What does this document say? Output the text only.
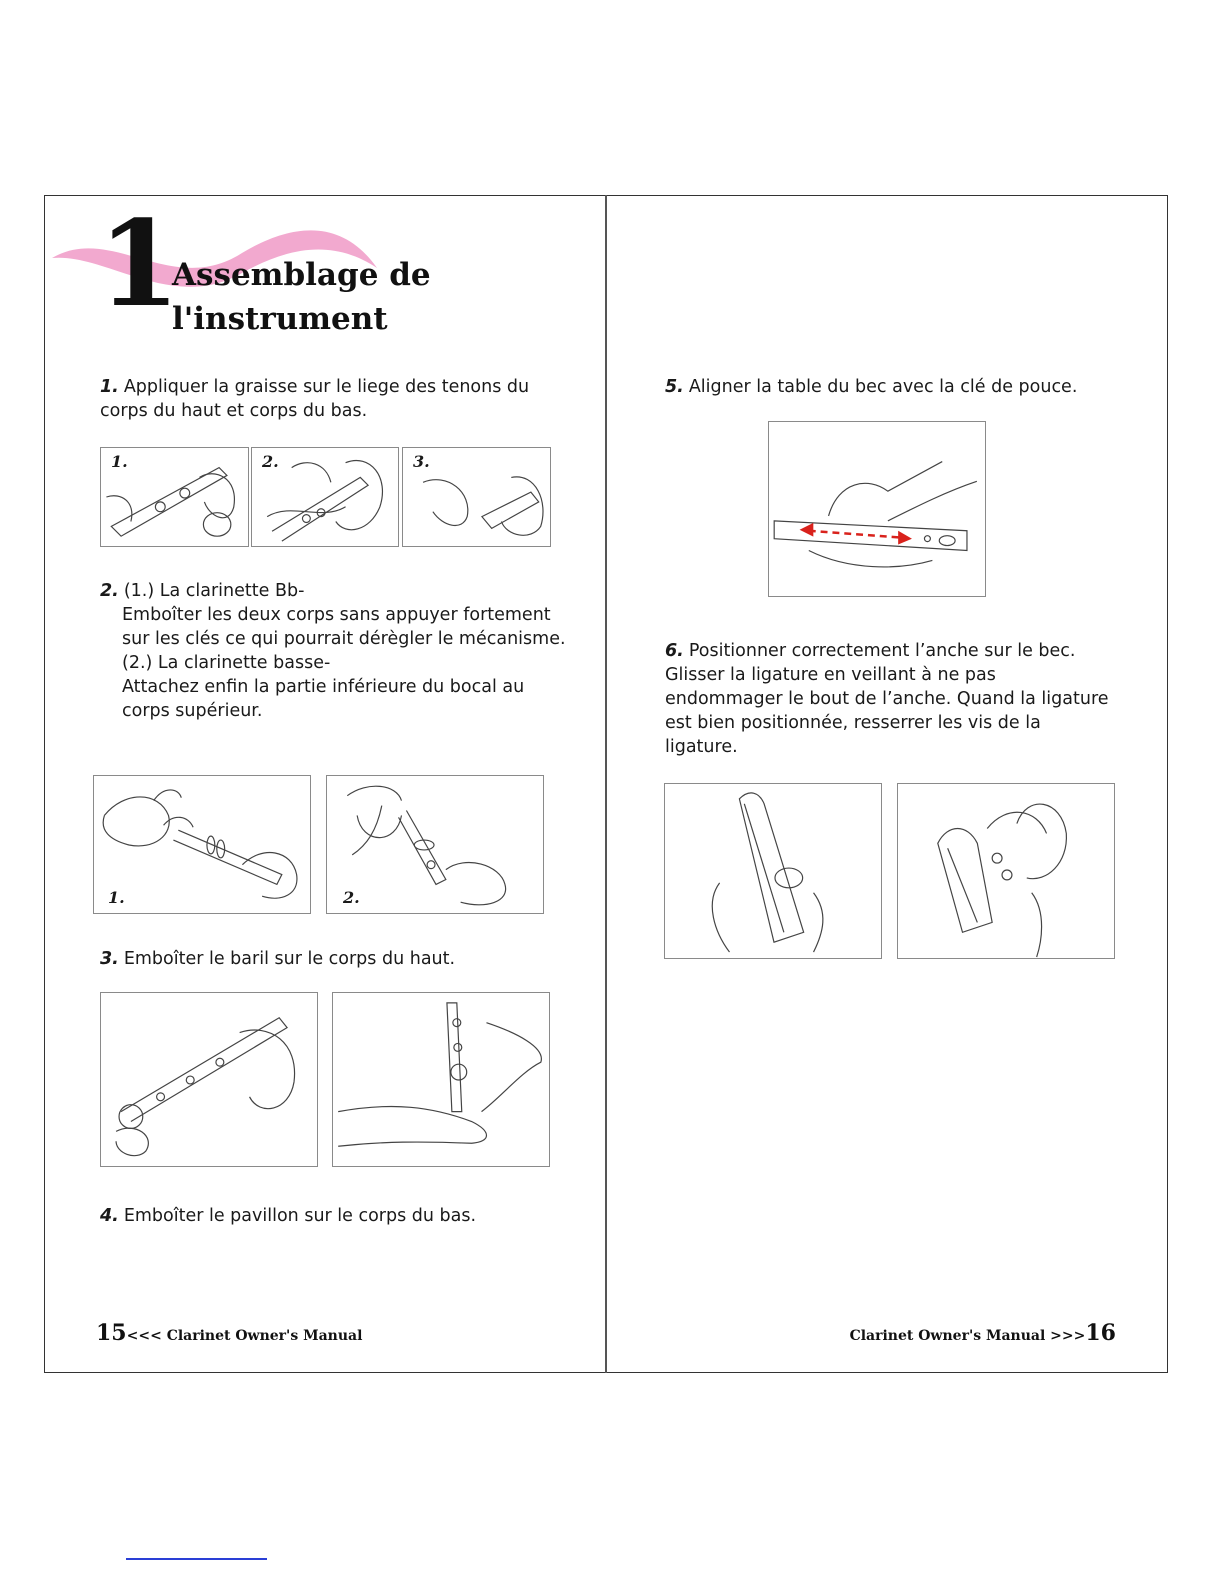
1
Assemblage de
l'instrument
1. Appliquer la graisse sur le liege des tenons du corps du haut et corps du bas.
1.	2.	3.
2. (1.) La clarinette Bb-
Emboîter les deux corps sans appuyer fortement sur les clés ce qui pourrait dérègler le mécanisme.
(2.) La clarinette basse-
Attachez enfin la partie inférieure du bocal au corps supérieur.
1.	2.
3. Emboîter le baril sur le corps du haut.
4. Emboîter le pavillon sur le corps du bas.
15<<< Clarinet Owner's Manual
5. Aligner la table du bec avec la clé de pouce.
6. Positionner correctement l’anche sur le bec. Glisser la ligature en veillant à ne pas endommager le bout de l’anche. Quand la ligature est bien positionnée, resserrer les vis de la ligature.
Clarinet Owner's Manual >>>16
